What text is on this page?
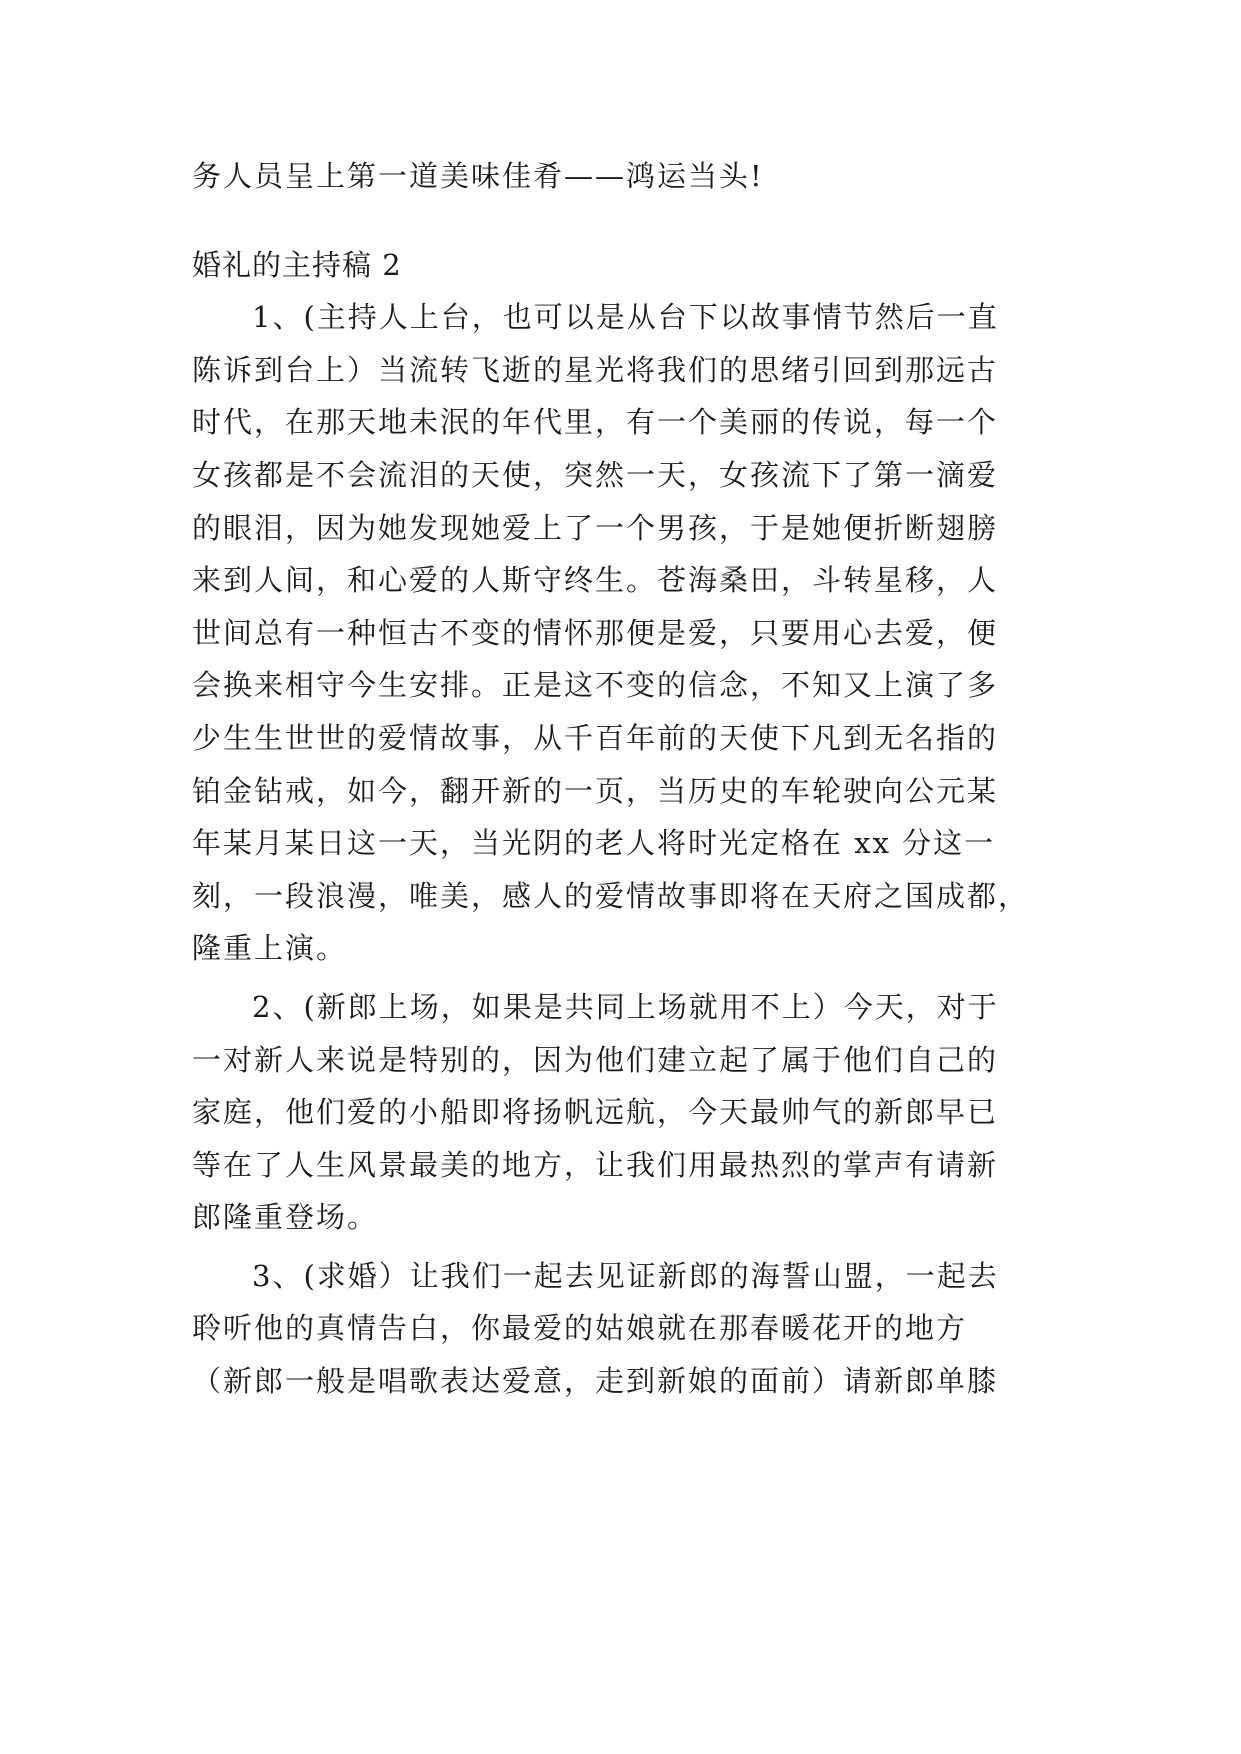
务人员呈上第一道美味佳肴——鸿运当头!
婚礼的主持稿 2
1、(主持人上台，也可以是从台下以故事情节然后一直
陈诉到台上）当流转飞逝的星光将我们的思绪引回到那远古
时代，在那天地未泯的年代里，有一个美丽的传说，每一个
女孩都是不会流泪的天使，突然一天，女孩流下了第一滴爱
的眼泪，因为她发现她爱上了一个男孩，于是她便折断翅膀
来到人间，和心爱的人斯守终生。苍海桑田，斗转星移，人
世间总有一种恒古不变的情怀那便是爱，只要用心去爱，便
会换来相守今生安排。正是这不变的信念，不知又上演了多
少生生世世的爱情故事，从千百年前的天使下凡到无名指的
铂金钻戒，如今，翻开新的一页，当历史的车轮驶向公元某
年某月某日这一天，当光阴的老人将时光定格在 xx 分这一
刻，一段浪漫，唯美，感人的爱情故事即将在天府之国成都，
隆重上演。
2、(新郎上场，如果是共同上场就用不上）今天，对于
一对新人来说是特别的，因为他们建立起了属于他们自己的
家庭，他们爱的小船即将扬帆远航，今天最帅气的新郎早已
等在了人生风景最美的地方，让我们用最热烈的掌声有请新
郎隆重登场。
3、(求婚）让我们一起去见证新郎的海誓山盟，一起去
聆听他的真情告白，你最爱的姑娘就在那春暖花开的地方
（新郎一般是唱歌表达爱意，走到新娘的面前）请新郎单膝
